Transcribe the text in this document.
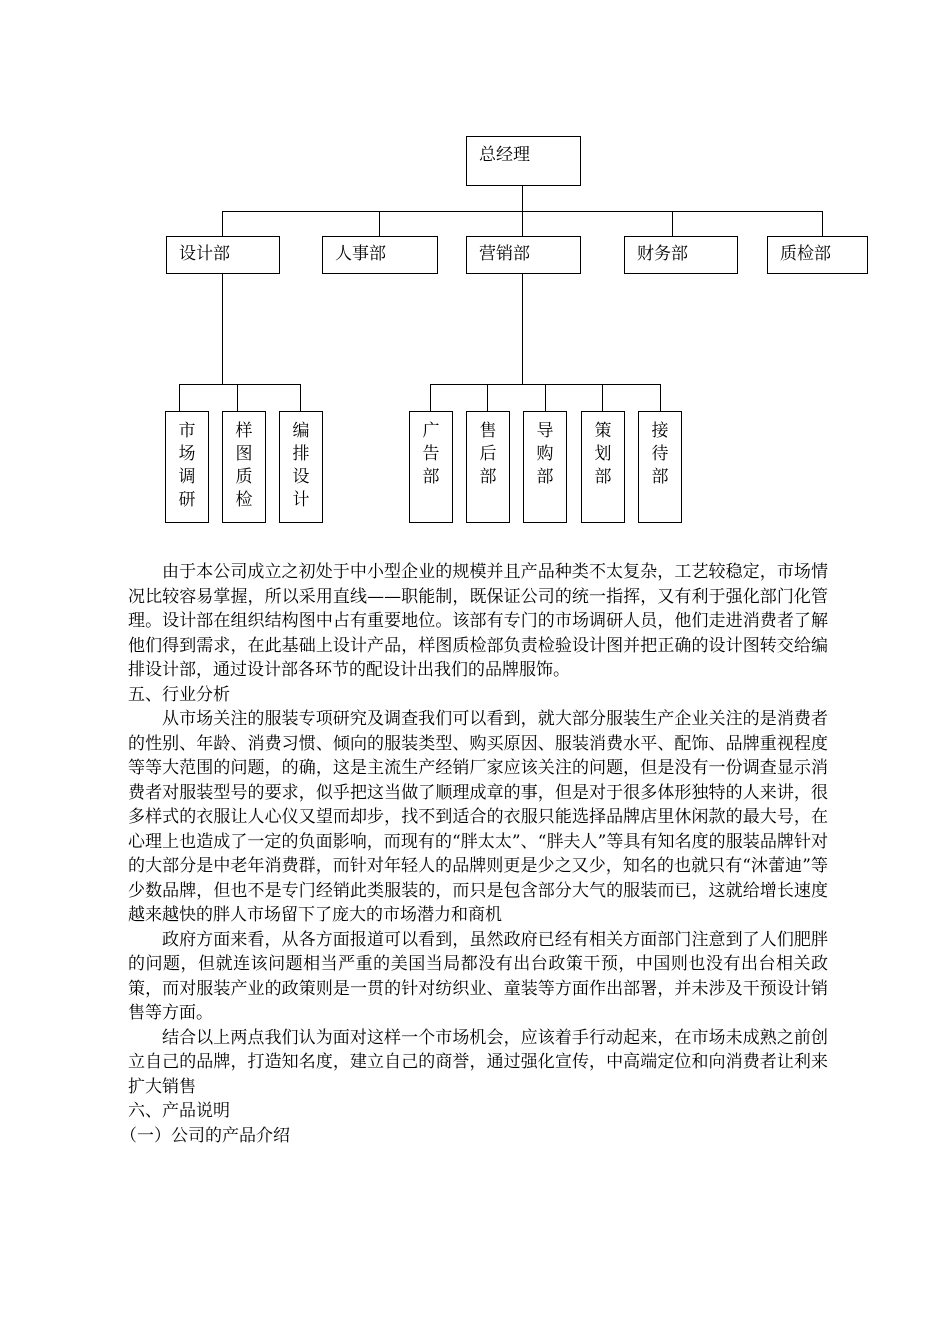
总经理
设计部	人事部	营销部	财务部	质检部
市
场
调
研
样
图
质
检
编
排
设
计
广
告
部
售
后
部
导
购
部
策
划
部
接
待
部

由于本公司成立之初处于中小型企业的规模并且产品种类不太复杂，工艺较稳定，市场情况比较容易掌握，所以采用直线——职能制，既保证公司的统一指挥，又有利于强化部门化管理。设计部在组织结构图中占有重要地位。该部有专门的市场调研人员，他们走进消费者了解他们得到需求，在此基础上设计产品，样图质检部负责检验设计图并把正确的设计图转交给编排设计部，通过设计部各环节的配设计出我们的品牌服饰。

五、行业分析

从市场关注的服装专项研究及调查我们可以看到，就大部分服装生产企业关注的是消费者的性别、年龄、消费习惯、倾向的服装类型、购买原因、服装消费水平、配饰、品牌重视程度等等大范围的问题，的确，这是主流生产经销厂家应该关注的问题，但是没有一份调查显示消费者对服装型号的要求，似乎把这当做了顺理成章的事，但是对于很多体形独特的人来讲，很多样式的衣服让人心仪又望而却步，找不到适合的衣服只能选择品牌店里休闲款的最大号，在心理上也造成了一定的负面影响，而现有的“胖太太”、“胖夫人”等具有知名度的服装品牌针对的大部分是中老年消费群，而针对年轻人的品牌则更是少之又少，知名的也就只有“沐蕾迪”等少数品牌，但也不是专门经销此类服装的，而只是包含部分大气的服装而已，这就给增长速度越来越快的胖人市场留下了庞大的市场潜力和商机

政府方面来看，从各方面报道可以看到，虽然政府已经有相关方面部门注意到了人们肥胖的问题，但就连该问题相当严重的美国当局都没有出台政策干预，中国则也没有出台相关政策，而对服装产业的政策则是一贯的针对纺织业、童装等方面作出部署，并未涉及干预设计销售等方面。

结合以上两点我们认为面对这样一个市场机会，应该着手行动起来，在市场未成熟之前创立自己的品牌，打造知名度，建立自己的商誉，通过强化宣传，中高端定位和向消费者让利来扩大销售

六、产品说明

（一）公司的产品介绍
